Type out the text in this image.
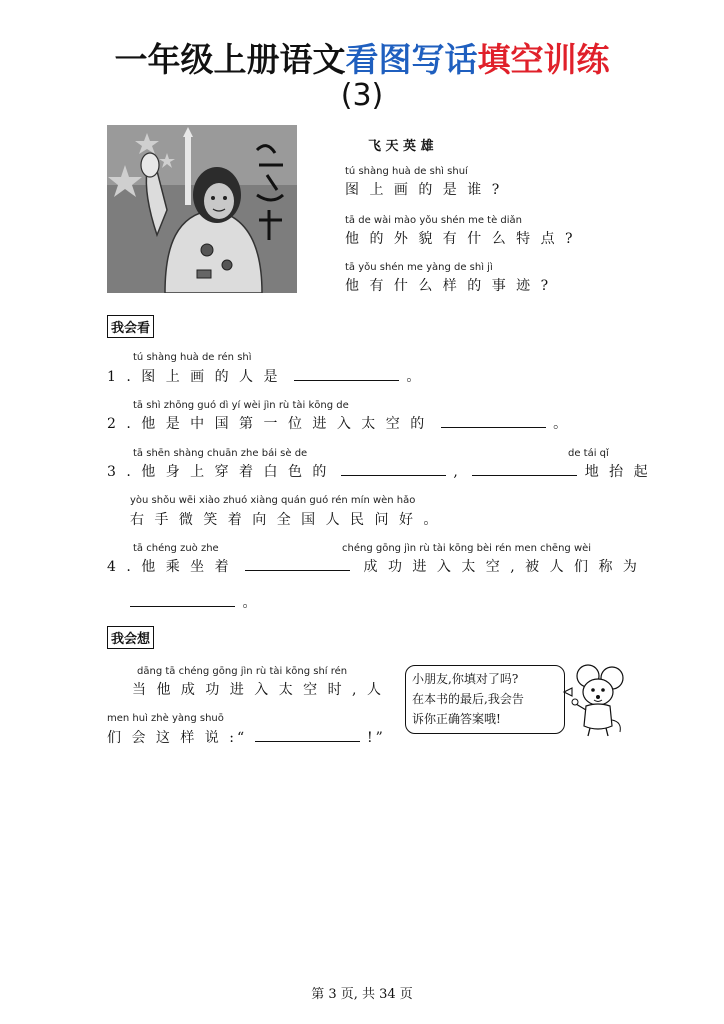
一年级上册语文看图写话填空训练
(3)
飞 天 英 雄
tú shàng huà de shì shuí
图 上 画 的 是 谁 ?
tā de wài mào yǒu shén me tè diǎn
他 的 外 貌 有 什 么 特 点 ?
tā yǒu shén me yàng de shì jì
他 有 什 么 样 的 事 迹 ?
我会看
tú shàng huà de rén shì
1 . 图 上 画 的 人 是	。
tā shì zhōng guó dì yí wèi jìn rù tài kōng de
2 . 他 是 中 国 第 一 位 进 入 太 空 的	。
tā shēn shàng chuān zhe bái sè de	de tái qǐ
3 . 他 身 上 穿 着 白 色 的	,	地 抬 起
yòu shǒu wēi xiào zhuó xiàng quán guó rén mín wèn hǎo
右 手 微 笑 着 向 全 国 人 民 问 好 。
tā chéng zuò zhe	chéng gōng jìn rù tài kōng bèi rén men chēng wèi
4 . 他 乘 坐 着	成 功 进 入 太 空 , 被 人 们 称 为
。
我会想
dāng tā chéng gōng jìn rù tài kōng shí rén
当 他 成 功 进 入 太 空 时 , 人
men huì zhè yàng shuō
们 会 这 样 说 :“	!”
小朋友,你填对了吗?
在本书的最后,我会告
诉你正确答案哦!
第 3 页, 共 34 页
